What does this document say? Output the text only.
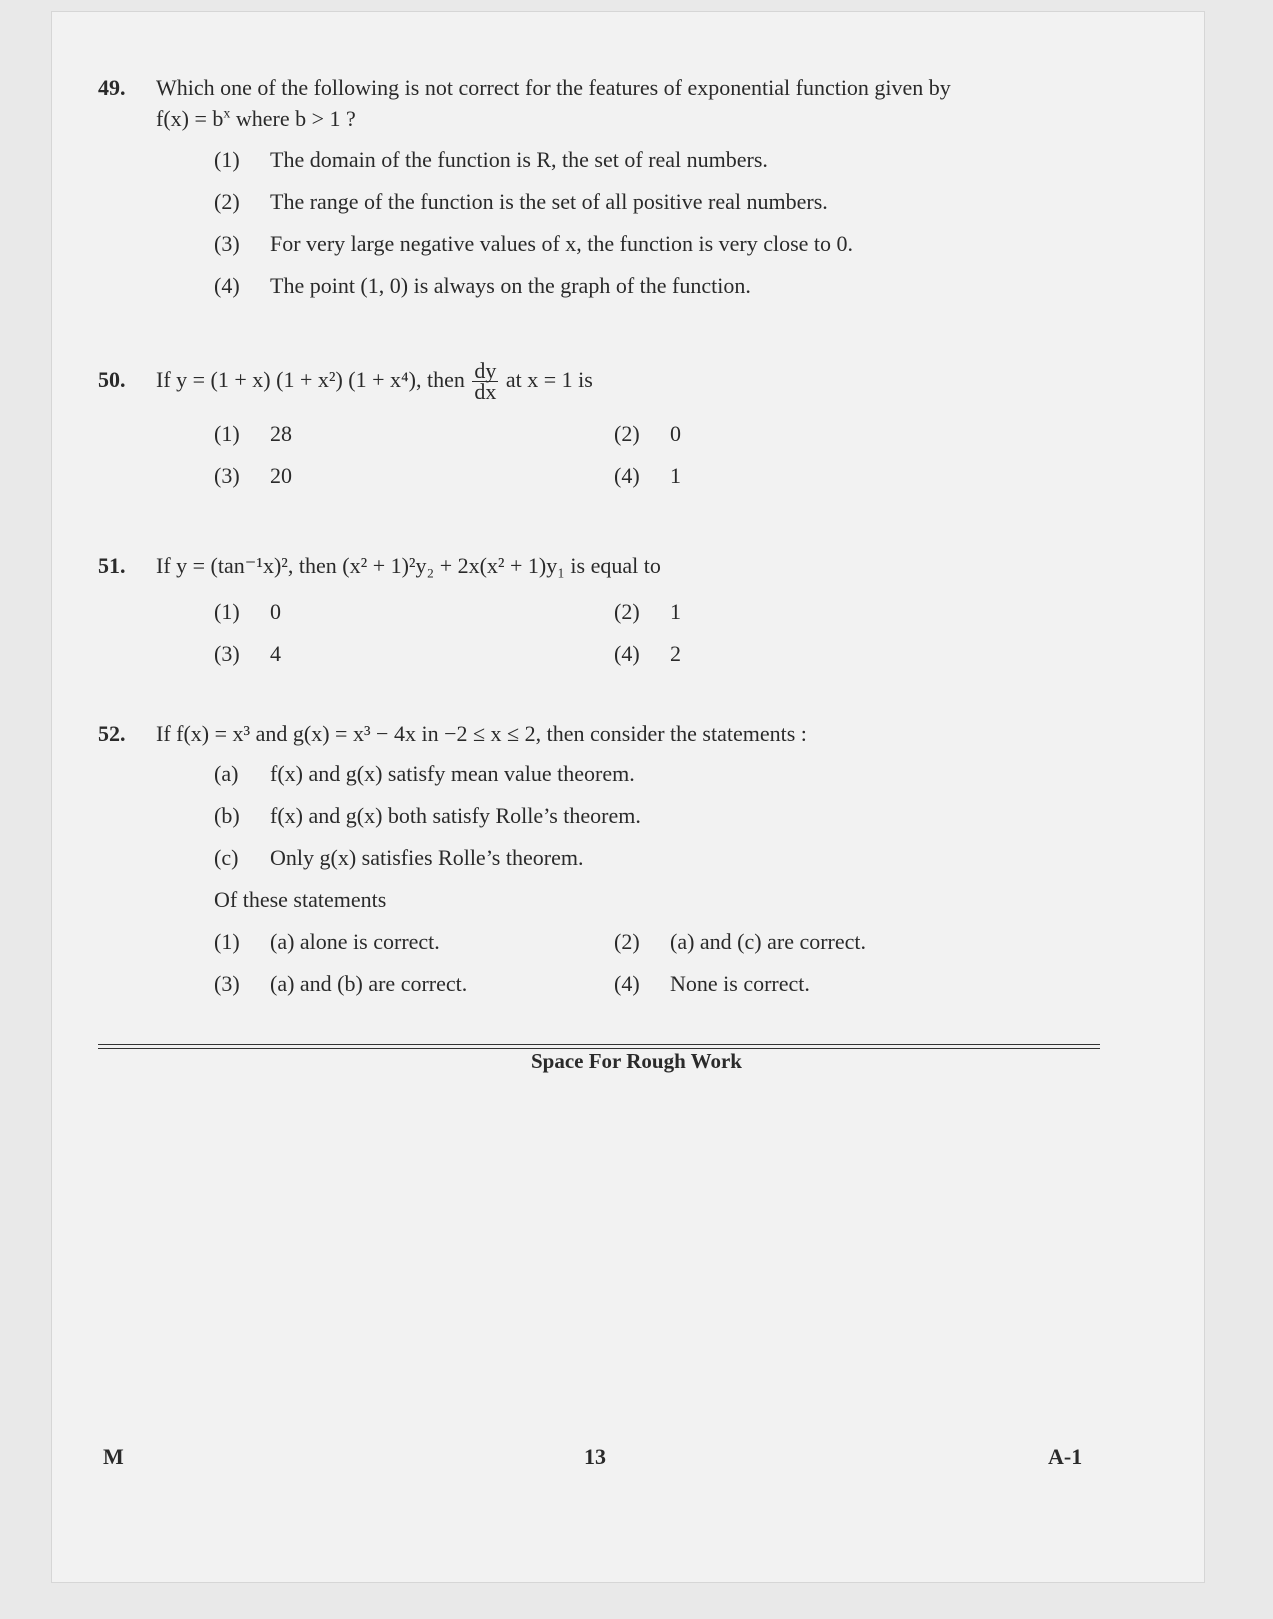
49. Which one of the following is not correct for the features of exponential function given by
$f(x) = b^x$ where b > 1 ?
(1) The domain of the function is R, the set of real numbers.
(2) The range of the function is the set of all positive real numbers.
(3) For very large negative values of x, the function is very close to 0.
(4) The point (1, 0) is always on the graph of the function.
50. If y = (1 + x) (1 + x²) (1 + x⁴), then $\frac{dy}{dx}$ at x = 1 is
(1) 28	(2) 0
(3) 20	(4) 1
51. If y = (tan⁻¹x)², then (x² + 1)²y₂ + 2x(x² + 1)y₁ is equal to
(1) 0	(2) 1
(3) 4	(4) 2
52. If f(x) = x³ and g(x) = x³ − 4x in −2 ≤ x ≤ 2, then consider the statements :
(a) f(x) and g(x) satisfy mean value theorem.
(b) f(x) and g(x) both satisfy Rolle’s theorem.
(c) Only g(x) satisfies Rolle’s theorem.
Of these statements
(1) (a) alone is correct.	(2) (a) and (c) are correct.
(3) (a) and (b) are correct.	(4) None is correct.
Space For Rough Work
M	13	A-1
